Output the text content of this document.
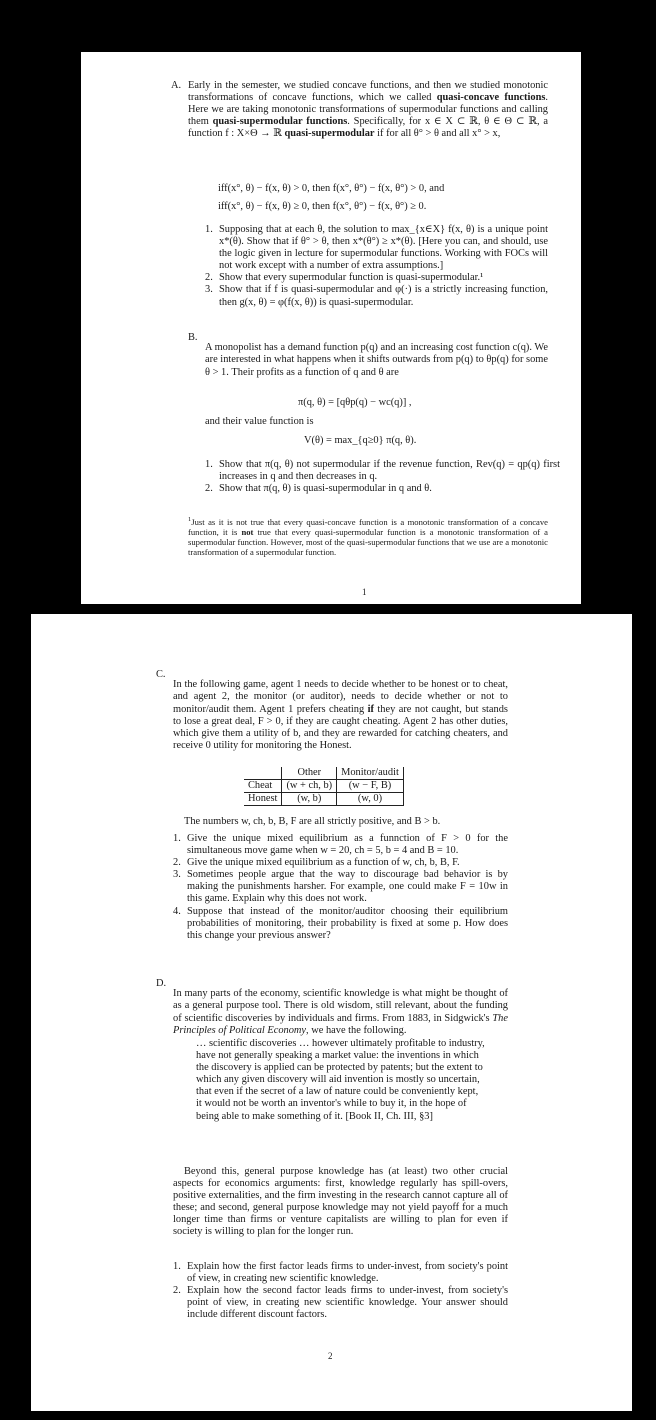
A. Early in the semester, we studied concave functions, and then we studied monotonic transformations of concave functions, which we called quasi-concave functions. Here we are taking monotonic transformations of supermodular functions and calling them quasi-supermodular functions. Specifically, for x ∈ X ⊂ ℝ, θ ∈ Θ ⊂ ℝ, a function f : X×Θ → ℝ quasi-supermodular if for all θ° > θ and all x° > x,

iff(x°, θ) − f(x, θ) > 0, then f(x°, θ°) − f(x, θ°) > 0, and
iff(x°, θ) − f(x, θ) ≥ 0, then f(x°, θ°) − f(x, θ°) ≥ 0.
1. Supposing that at each θ, the solution to max_{x∈X} f(x, θ) is a unique point x*(θ). Show that if θ° > θ, then x*(θ°) ≥ x*(θ). [Here you can, and should, use the logic given in lecture for supermodular functions. Working with FOCs will not work except with a number of extra assumptions.]
2. Show that every supermodular function is quasi-supermodular.¹
3. Show that if f is quasi-supermodular and φ(·) is a strictly increasing function, then g(x, θ) = φ(f(x, θ)) is quasi-supermodular.
B.

A monopolist has a demand function p(q) and an increasing cost function c(q). We are interested in what happens when it shifts outwards from p(q) to θp(q) for some θ > 1. Their profits as a function of q and θ are

π(q, θ) = [qθp(q) − wc(q)] ,
and their value function is
V(θ) = max_{q≥0} π(q, θ).
1. Show that π(q, θ) not supermodular if the revenue function, Rev(q) = qp(q) first increases in q and then decreases in q.
2. Show that π(q, θ) is quasi-supermodular in q and θ.
$^1$Just as it is not true that every quasi-concave function is a monotonic transformation of a concave function, it is not true that every quasi-supermodular function is a monotonic transformation of a supermodular function. However, most of the quasi-supermodular functions that we use are a monotonic transformation of a supermodular function.
1
C.

In the following game, agent 1 needs to decide whether to be honest or to cheat, and agent 2, the monitor (or auditor), needs to decide whether or not to monitor/audit them. Agent 1 prefers cheating if they are not caught, but stands to lose a great deal, F > 0, if they are caught cheating. Agent 2 has other duties, which give them a utility of b, and they are rewarded for catching cheaters, and receive 0 utility for monitoring the Honest.

	Other	Monitor/audit
Cheat	(w + ch, b)	(w − F, B)
Honest	(w, b)	(w, 0)
The numbers w, ch, b, B, F are all strictly positive, and B > b.
1. Give the unique mixed equilibrium as a funnction of F > 0 for the simultaneous move game when w = 20, ch = 5, b = 4 and B = 10.
2. Give the unique mixed equilibrium as a function of w, ch, b, B, F.
3. Sometimes people argue that the way to discourage bad behavior is by making the punishments harsher. For example, one could make F = 10w in this game. Explain why this does not work.
4. Suppose that instead of the monitor/auditor choosing their equilibrium probabilities of monitoring, their probability is fixed at some p. How does this change your previous answer?
D.

In many parts of the economy, scientific knowledge is what might be thought of as a general purpose tool. There is old wisdom, still relevant, about the funding of scientific discoveries by individuals and firms. From 1883, in Sidgwick's The Principles of Political Economy, we have the following.

… scientific discoveries … however ultimately profitable to industry, have not generally speaking a market value: the inventions in which the discovery is applied can be protected by patents; but the extent to which any given discovery will aid invention is mostly so uncertain, that even if the secret of a law of nature could be conveniently kept, it would not be worth an inventor's while to buy it, in the hope of being able to make something of it. [Book II, Ch. III, §3]
Beyond this, general purpose knowledge has (at least) two other crucial aspects for economics arguments: first, knowledge regularly has spill-overs, positive externalities, and the firm investing in the research cannot capture all of these; and second, general purpose knowledge may not yield payoff for a much longer time than firms or venture capitalists are willing to plan for even if society is willing to plan for the longer run.
1. Explain how the first factor leads firms to under-invest, from society's point of view, in creating new scientific knowledge.
2. Explain how the second factor leads firms to under-invest, from society's point of view, in creating new scientific knowledge. Your answer should include different discount factors.
2
